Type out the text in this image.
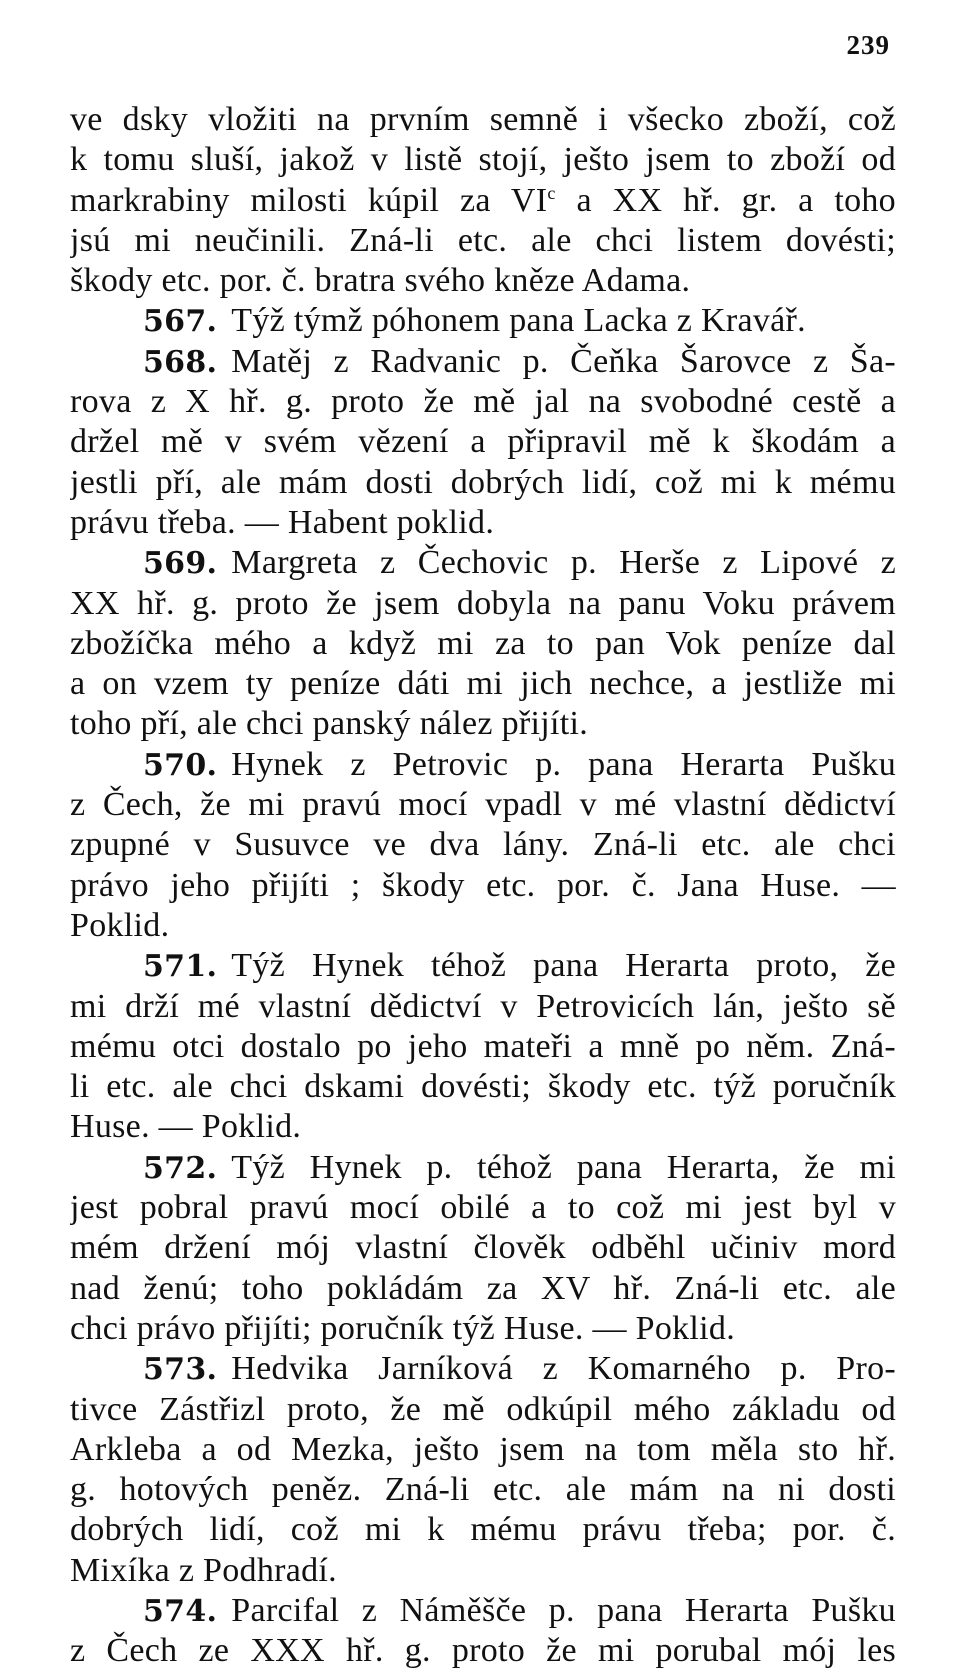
239
ve dsky vložiti na prvním semně i všecko zboží, což
k tomu sluší, jakož v listě stojí, ješto jsem to zboží od
markrabiny milosti kúpil za $VI^c$ a XX hř. gr. a toho
jsú mi neučinili. Zná-li etc. ale chci listem dovésti;
škody etc. por. č. bratra svého kněze Adama.
567. Týž týmž póhonem pana Lacka z Kravář.
568. Matěj z Radvanic p. Čeňka Šarovce z Ša-
rova z X hř. g. proto že mě jal na svobodné cestě a
držel mě v svém vězení a připravil mě k škodám a
jestli pří, ale mám dosti dobrých lidí, což mi k mému
právu třeba. — Habent poklid.
569. Margreta z Čechovic p. Herše z Lipové z
XX hř. g. proto že jsem dobyla na panu Voku právem
zbožíčka mého a když mi za to pan Vok peníze dal
a on vzem ty peníze dáti mi jich nechce, a jestliže mi
toho pří, ale chci panský nález přijíti.
570. Hynek z Petrovic p. pana Herarta Pušku
z Čech, že mi pravú mocí vpadl v mé vlastní dědictví
zpupné v Susuvce ve dva lány. Zná-li etc. ale chci
právo jeho přijíti ; škody etc. por. č. Jana Huse. —
Poklid.
571. Týž Hynek téhož pana Herarta proto, že
mi drží mé vlastní dědictví v Petrovicích lán, ješto sě
mému otci dostalo po jeho mateři a mně po něm. Zná-
li etc. ale chci dskami dovésti; škody etc. týž poručník
Huse. — Poklid.
572. Týž Hynek p. téhož pana Herarta, že mi
jest pobral pravú mocí obilé a to což mi jest byl v
mém držení mój vlastní člověk odběhl učiniv mord
nad ženú; toho pokládám za XV hř. Zná-li etc. ale
chci právo přijíti; poručník týž Huse. — Poklid.
573. Hedvika Jarníková z Komarného p. Pro-
tivce Zástřizl proto, že mě odkúpil mého základu od
Arkleba a od Mezka, ješto jsem na tom měla sto hř.
g. hotových peněz. Zná-li etc. ale mám na ni dosti
dobrých lidí, což mi k mému právu třeba; por. č.
Mixíka z Podhradí.
574. Parcifal z Náměšče p. pana Herarta Pušku
z Čech ze XXX hř. g. proto že mi porubal mój les
